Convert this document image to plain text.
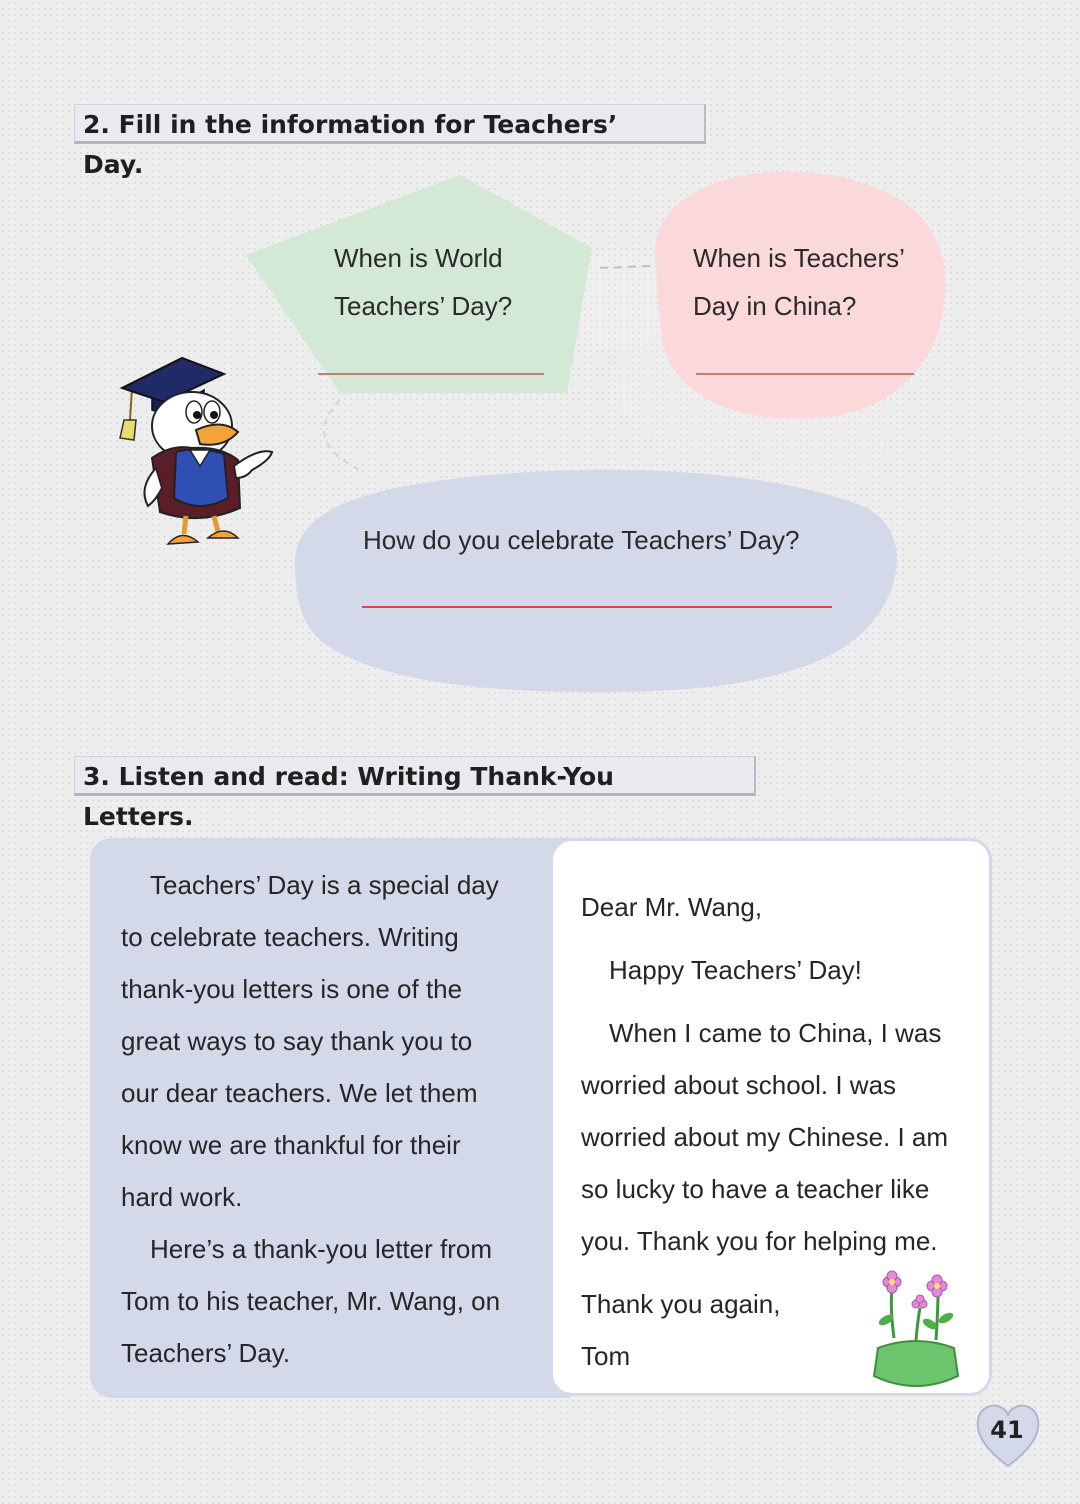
2. Fill in the information for Teachers’ Day.
When is World
Teachers’ Day?
When is Teachers’
Day in China?
How do you celebrate Teachers’ Day?
3. Listen and read: Writing Thank-You Letters.
Teachers’ Day is a special day
to celebrate teachers. Writing
thank-you letters is one of the
great ways to say thank you to
our dear teachers. We let them
know we are thankful for their
hard work.
Here’s a thank-you letter from
Tom to his teacher, Mr. Wang, on
Teachers’ Day.
Dear Mr. Wang,
Happy Teachers’ Day!
When I came to China, I was
worried about school. I was
worried about my Chinese. I am
so lucky to have a teacher like
you. Thank you for helping me.
Thank you again,
Tom
41
